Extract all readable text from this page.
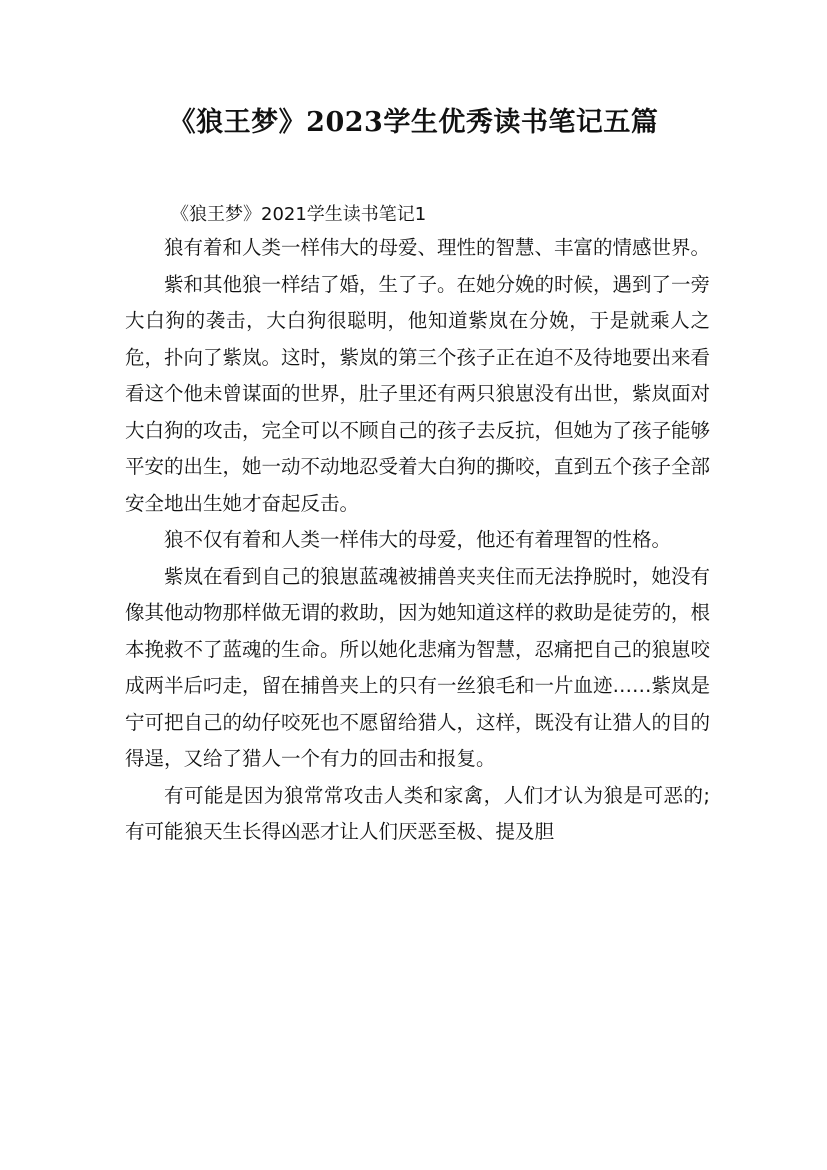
《狼王梦》2023学生优秀读书笔记五篇
《狼王梦》2021学生读书笔记1

狼有着和人类一样伟大的母爱、理性的智慧、丰富的情感世界。

紫和其他狼一样结了婚，生了子。在她分娩的时候，遇到了一旁大白狗的袭击，大白狗很聪明，他知道紫岚在分娩，于是就乘人之危，扑向了紫岚。这时，紫岚的第三个孩子正在迫不及待地要出来看看这个他未曾谋面的世界，肚子里还有两只狼崽没有出世，紫岚面对大白狗的攻击，完全可以不顾自己的孩子去反抗，但她为了孩子能够平安的出生，她一动不动地忍受着大白狗的撕咬，直到五个孩子全部安全地出生她才奋起反击。

狼不仅有着和人类一样伟大的母爱，他还有着理智的性格。

紫岚在看到自己的狼崽蓝魂被捕兽夹夹住而无法挣脱时，她没有像其他动物那样做无谓的救助，因为她知道这样的救助是徒劳的，根本挽救不了蓝魂的生命。所以她化悲痛为智慧，忍痛把自己的狼崽咬成两半后叼走，留在捕兽夹上的只有一丝狼毛和一片血迹……紫岚是宁可把自己的幼仔咬死也不愿留给猎人，这样，既没有让猎人的目的得逞，又给了猎人一个有力的回击和报复。

有可能是因为狼常常攻击人类和家禽，人们才认为狼是可恶的;有可能狼天生长得凶恶才让人们厌恶至极、提及胆
